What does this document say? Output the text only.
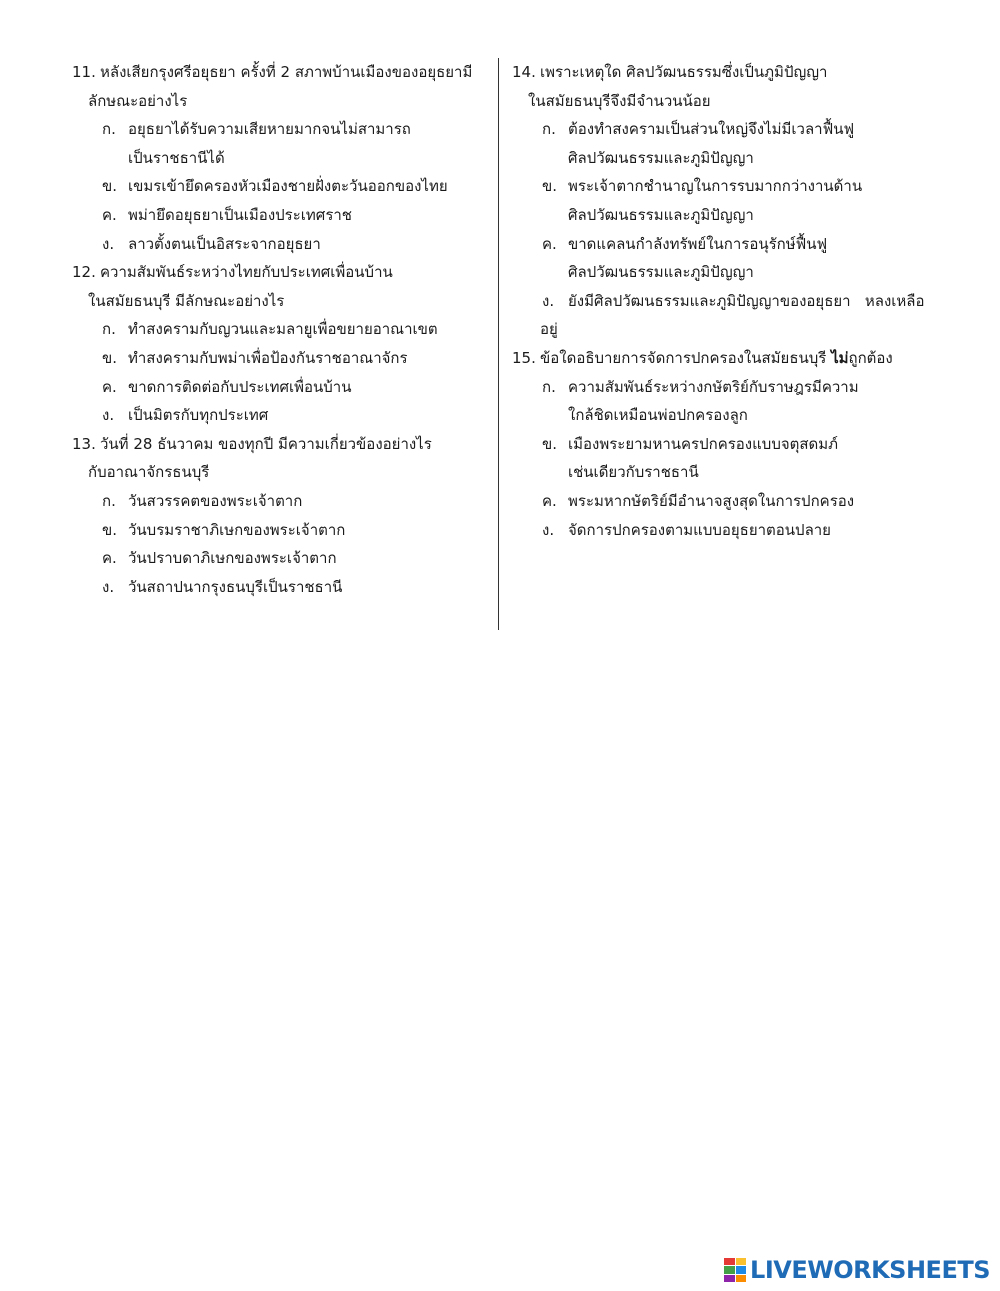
11. หลังเสียกรุงศรีอยุธยา ครั้งที่ 2 สภาพบ้านเมืองของอยุธยามี
ลักษณะอย่างไร
ก. อยุธยาได้รับความเสียหายมากจนไม่สามารถ
เป็นราชธานีได้
ข. เขมรเข้ายึดครองหัวเมืองชายฝั่งตะวันออกของไทย
ค. พม่ายึดอยุธยาเป็นเมืองประเทศราช
ง. ลาวตั้งตนเป็นอิสระจากอยุธยา
12. ความสัมพันธ์ระหว่างไทยกับประเทศเพื่อนบ้าน
ในสมัยธนบุรี มีลักษณะอย่างไร
ก. ทำสงครามกับญวนและมลายูเพื่อขยายอาณาเขต
ข. ทำสงครามกับพม่าเพื่อป้องกันราชอาณาจักร
ค. ขาดการติดต่อกับประเทศเพื่อนบ้าน
ง. เป็นมิตรกับทุกประเทศ
13. วันที่ 28 ธันวาคม ของทุกปี มีความเกี่ยวข้องอย่างไร
กับอาณาจักรธนบุรี
ก. วันสวรรคตของพระเจ้าตาก
ข. วันบรมราชาภิเษกของพระเจ้าตาก
ค. วันปราบดาภิเษกของพระเจ้าตาก
ง. วันสถาปนากรุงธนบุรีเป็นราชธานี
14. เพราะเหตุใด ศิลปวัฒนธรรมซึ่งเป็นภูมิปัญญา
ในสมัยธนบุรีจึงมีจำนวนน้อย
ก. ต้องทำสงครามเป็นส่วนใหญ่จึงไม่มีเวลาฟื้นฟู
ศิลปวัฒนธรรมและภูมิปัญญา
ข. พระเจ้าตากชำนาญในการรบมากกว่างานด้าน
ศิลปวัฒนธรรมและภูมิปัญญา
ค. ขาดแคลนกำลังทรัพย์ในการอนุรักษ์ฟื้นฟู
ศิลปวัฒนธรรมและภูมิปัญญา
ง. ยังมีศิลปวัฒนธรรมและภูมิปัญญาของอยุธยา   หลงเหลือ
อยู่
15. ข้อใดอธิบายการจัดการปกครองในสมัยธนบุรี ไม่ถูกต้อง
ก. ความสัมพันธ์ระหว่างกษัตริย์กับราษฎรมีความ
ใกล้ชิดเหมือนพ่อปกครองลูก
ข. เมืองพระยามหานครปกครองแบบจตุสดมภ์
เช่นเดียวกับราชธานี
ค. พระมหากษัตริย์มีอำนาจสูงสุดในการปกครอง
ง. จัดการปกครองตามแบบอยุธยาตอนปลาย
LIVEWORKSHEETS
